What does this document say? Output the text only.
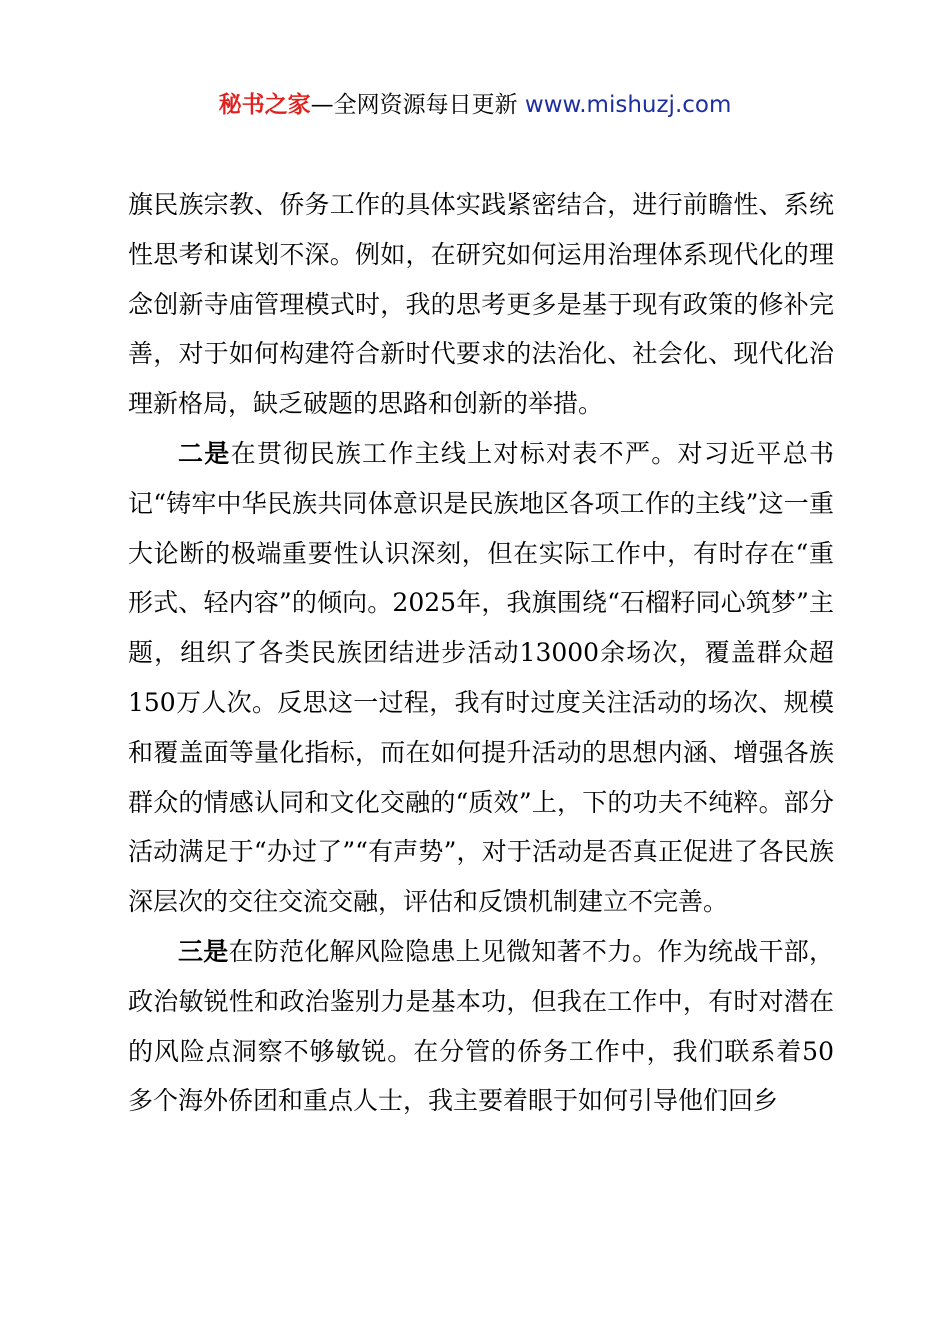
秘书之家—全网资源每日更新 www.mishuzj.com

旗民族宗教、侨务工作的具体实践紧密结合，进行前瞻性、系统性思考和谋划不深。例如，在研究如何运用治理体系现代化的理念创新寺庙管理模式时，我的思考更多是基于现有政策的修补完善，对于如何构建符合新时代要求的法治化、社会化、现代化治理新格局，缺乏破题的思路和创新的举措。

二是在贯彻民族工作主线上对标对表不严。对习近平总书记“铸牢中华民族共同体意识是民族地区各项工作的主线”这一重大论断的极端重要性认识深刻，但在实际工作中，有时存在“重形式、轻内容”的倾向。2025年，我旗围绕“石榴籽同心筑梦”主题，组织了各类民族团结进步活动13000余场次，覆盖群众超150万人次。反思这一过程，我有时过度关注活动的场次、规模和覆盖面等量化指标，而在如何提升活动的思想内涵、增强各族群众的情感认同和文化交融的“质效”上，下的功夫不纯粹。部分活动满足于“办过了”“有声势”，对于活动是否真正促进了各民族深层次的交往交流交融，评估和反馈机制建立不完善。

三是在防范化解风险隐患上见微知著不力。作为统战干部，政治敏锐性和政治鉴别力是基本功，但我在工作中，有时对潜在的风险点洞察不够敏锐。在分管的侨务工作中，我们联系着50多个海外侨团和重点人士，我主要着眼于如何引导他们回乡
